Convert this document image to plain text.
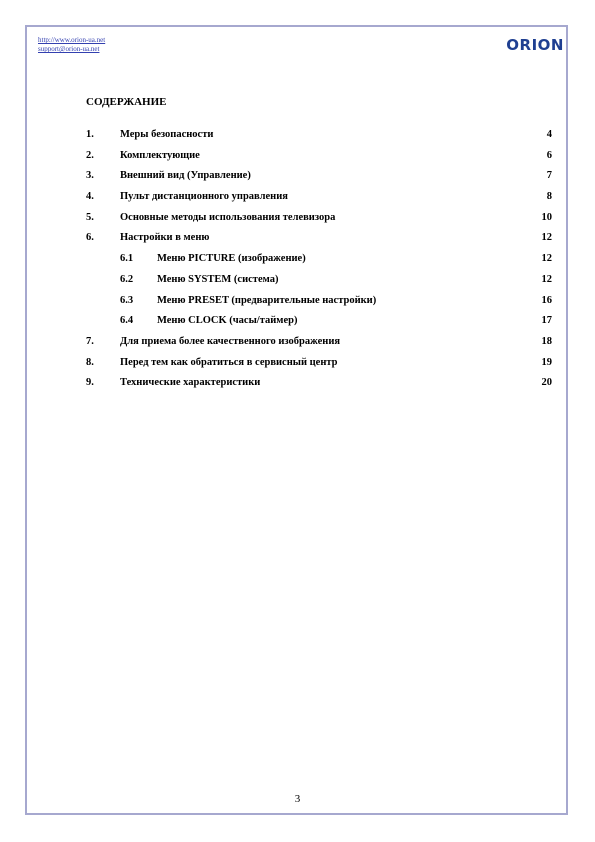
http://www.orion-ua.net
support@orion-ua.net	ORION
СОДЕРЖАНИЕ
1. Меры безопасности	4
2. Комплектующие	6
3. Внешний вид (Управление)	7
4. Пульт дистанционного управления	8
5. Основные методы использования телевизора	10
6. Настройки в меню	12
6.1 Меню PICTURE (изображение)	12
6.2 Меню SYSTEM (система)	12
6.3 Меню PRESET (предварительные настройки)	16
6.4 Меню CLOCK (часы/таймер)	17
7. Для приема более качественного изображения	18
8. Перед тем как обратиться в сервисный центр	19
9. Технические характеристики	20
3
